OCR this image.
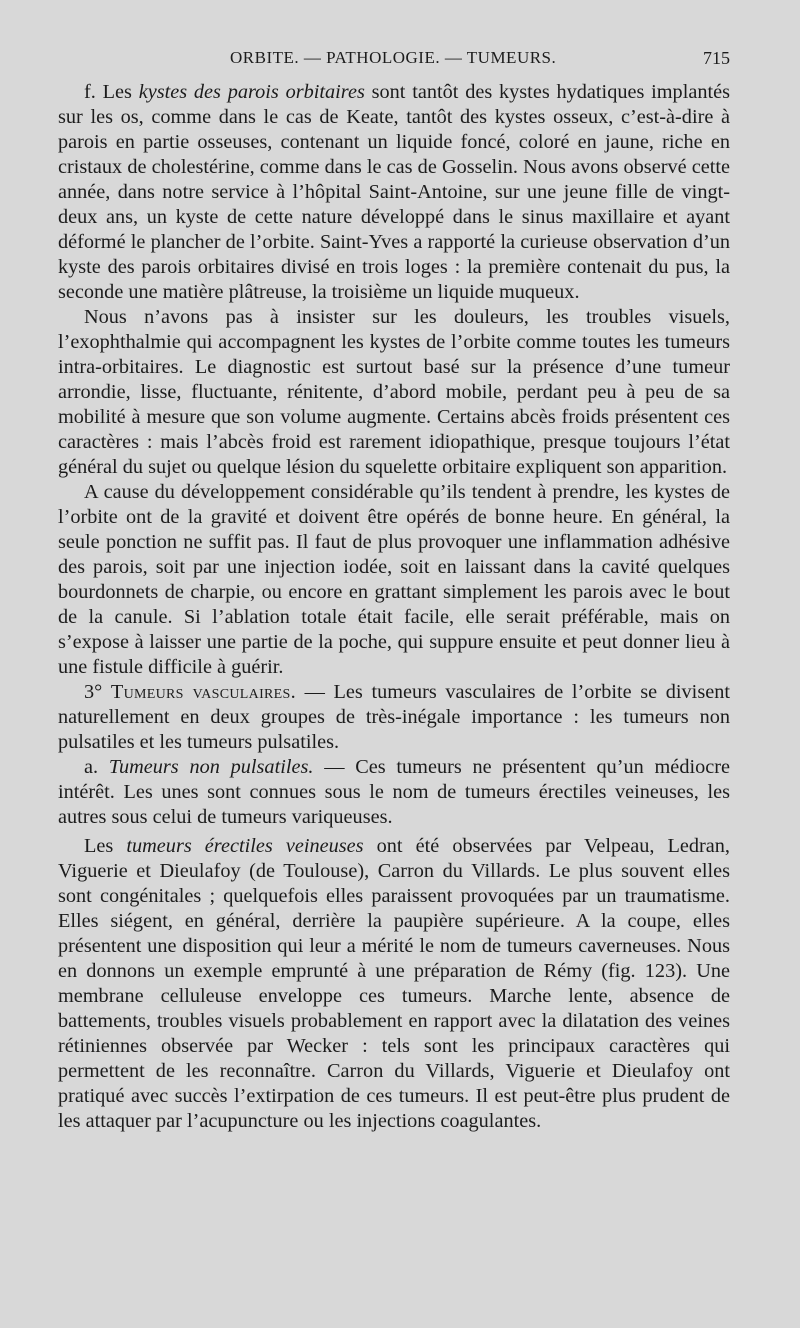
ORBITE. — PATHOLOGIE. — TUMEURS.	715

f. Les kystes des parois orbitaires sont tantôt des kystes hydatiques implantés sur les os, comme dans le cas de Keate, tantôt des kystes osseux, c’est-à-dire à parois en partie osseuses, contenant un liquide foncé, coloré en jaune, riche en cristaux de cholestérine, comme dans le cas de Gosselin. Nous avons observé cette année, dans notre service à l’hôpital Saint-Antoine, sur une jeune fille de vingt-deux ans, un kyste de cette nature développé dans le sinus maxillaire et ayant déformé le plancher de l’orbite. Saint-Yves a rapporté la curieuse observation d’un kyste des parois orbitaires divisé en trois loges : la première contenait du pus, la seconde une matière plâtreuse, la troisième un liquide muqueux.

Nous n’avons pas à insister sur les douleurs, les troubles visuels, l’exophthalmie qui accompagnent les kystes de l’orbite comme toutes les tumeurs intra-orbitaires. Le diagnostic est surtout basé sur la présence d’une tumeur arrondie, lisse, fluctuante, rénitente, d’abord mobile, perdant peu à peu de sa mobilité à mesure que son volume augmente. Certains abcès froids présentent ces caractères : mais l’abcès froid est rarement idiopathique, presque toujours l’état général du sujet ou quelque lésion du squelette orbitaire expliquent son apparition.

A cause du développement considérable qu’ils tendent à prendre, les kystes de l’orbite ont de la gravité et doivent être opérés de bonne heure. En général, la seule ponction ne suffit pas. Il faut de plus provoquer une inflammation adhésive des parois, soit par une injection iodée, soit en laissant dans la cavité quelques bourdonnets de charpie, ou encore en grattant simplement les parois avec le bout de la canule. Si l’ablation totale était facile, elle serait préférable, mais on s’expose à laisser une partie de la poche, qui suppure ensuite et peut donner lieu à une fistule difficile à guérir.

3° Tumeurs vasculaires. — Les tumeurs vasculaires de l’orbite se divisent naturellement en deux groupes de très-inégale importance : les tumeurs non pulsatiles et les tumeurs pulsatiles.

a. Tumeurs non pulsatiles. — Ces tumeurs ne présentent qu’un médiocre intérêt. Les unes sont connues sous le nom de tumeurs érectiles veineuses, les autres sous celui de tumeurs variqueuses.

Les tumeurs érectiles veineuses ont été observées par Velpeau, Ledran, Viguerie et Dieulafoy (de Toulouse), Carron du Villards. Le plus souvent elles sont congénitales ; quelquefois elles paraissent provoquées par un traumatisme. Elles siégent, en général, derrière la paupière supérieure. A la coupe, elles présentent une disposition qui leur a mérité le nom de tumeurs caverneuses. Nous en donnons un exemple emprunté à une préparation de Rémy (fig. 123). Une membrane celluleuse enveloppe ces tumeurs. Marche lente, absence de battements, troubles visuels probablement en rapport avec la dilatation des veines rétiniennes observée par Wecker : tels sont les principaux caractères qui permettent de les reconnaître. Carron du Villards, Viguerie et Dieulafoy ont pratiqué avec succès l’extirpation de ces tumeurs. Il est peut-être plus prudent de les attaquer par l’acupuncture ou les injections coagulantes.
